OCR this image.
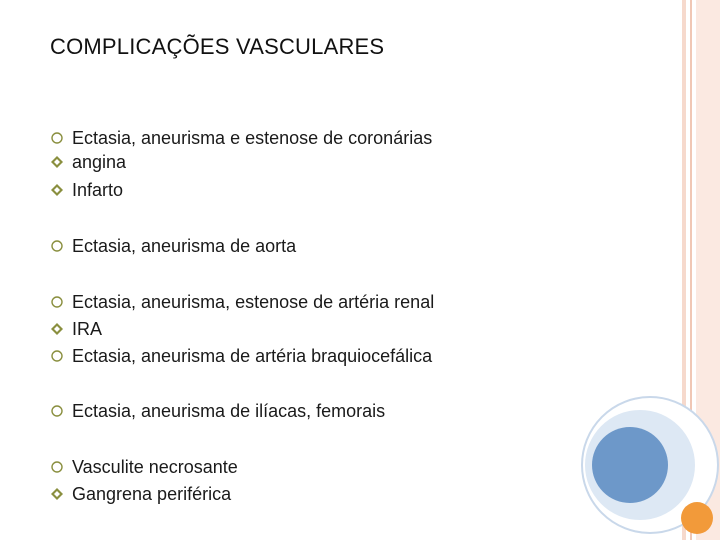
COMPLICAÇÕES VASCULARES
Ectasia, aneurisma e estenose de coronárias
angina
Infarto
Ectasia, aneurisma de aorta
Ectasia, aneurisma, estenose de artéria renal
IRA
Ectasia, aneurisma de artéria braquiocefálica
Ectasia, aneurisma de ilíacas, femorais
Vasculite necrosante
Gangrena periférica
